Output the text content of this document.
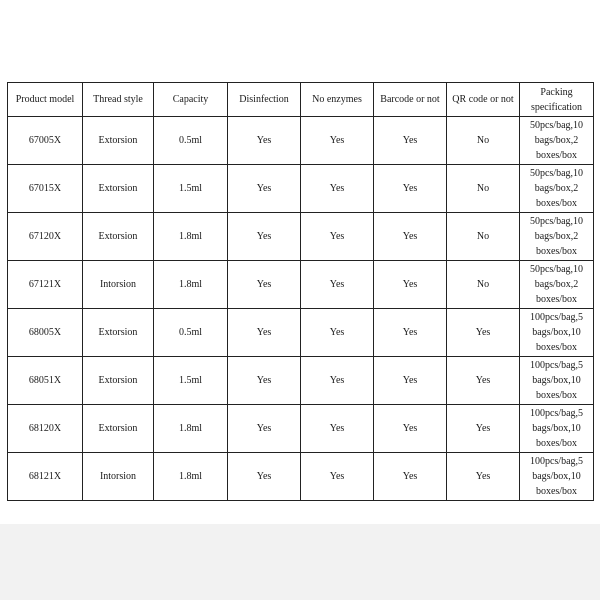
Product model	Thread style	Capacity	Disinfection	No enzymes	Barcode or not	QR code or not	Packing
specification

67005X	Extorsion	0.5ml	Yes	Yes	Yes	No	50pcs/bag,10
bags/box,2
boxes/box

67015X	Extorsion	1.5ml	Yes	Yes	Yes	No	50pcs/bag,10
bags/box,2
boxes/box

67120X	Extorsion	1.8ml	Yes	Yes	Yes	No	50pcs/bag,10
bags/box,2
boxes/box

67121X	Intorsion	1.8ml	Yes	Yes	Yes	No	50pcs/bag,10
bags/box,2
boxes/box

68005X	Extorsion	0.5ml	Yes	Yes	Yes	Yes	100pcs/bag,5
bags/box,10
boxes/box

68051X	Extorsion	1.5ml	Yes	Yes	Yes	Yes	100pcs/bag,5
bags/box,10
boxes/box

68120X	Extorsion	1.8ml	Yes	Yes	Yes	Yes	100pcs/bag,5
bags/box,10
boxes/box

68121X	Intorsion	1.8ml	Yes	Yes	Yes	Yes	100pcs/bag,5
bags/box,10
boxes/box
